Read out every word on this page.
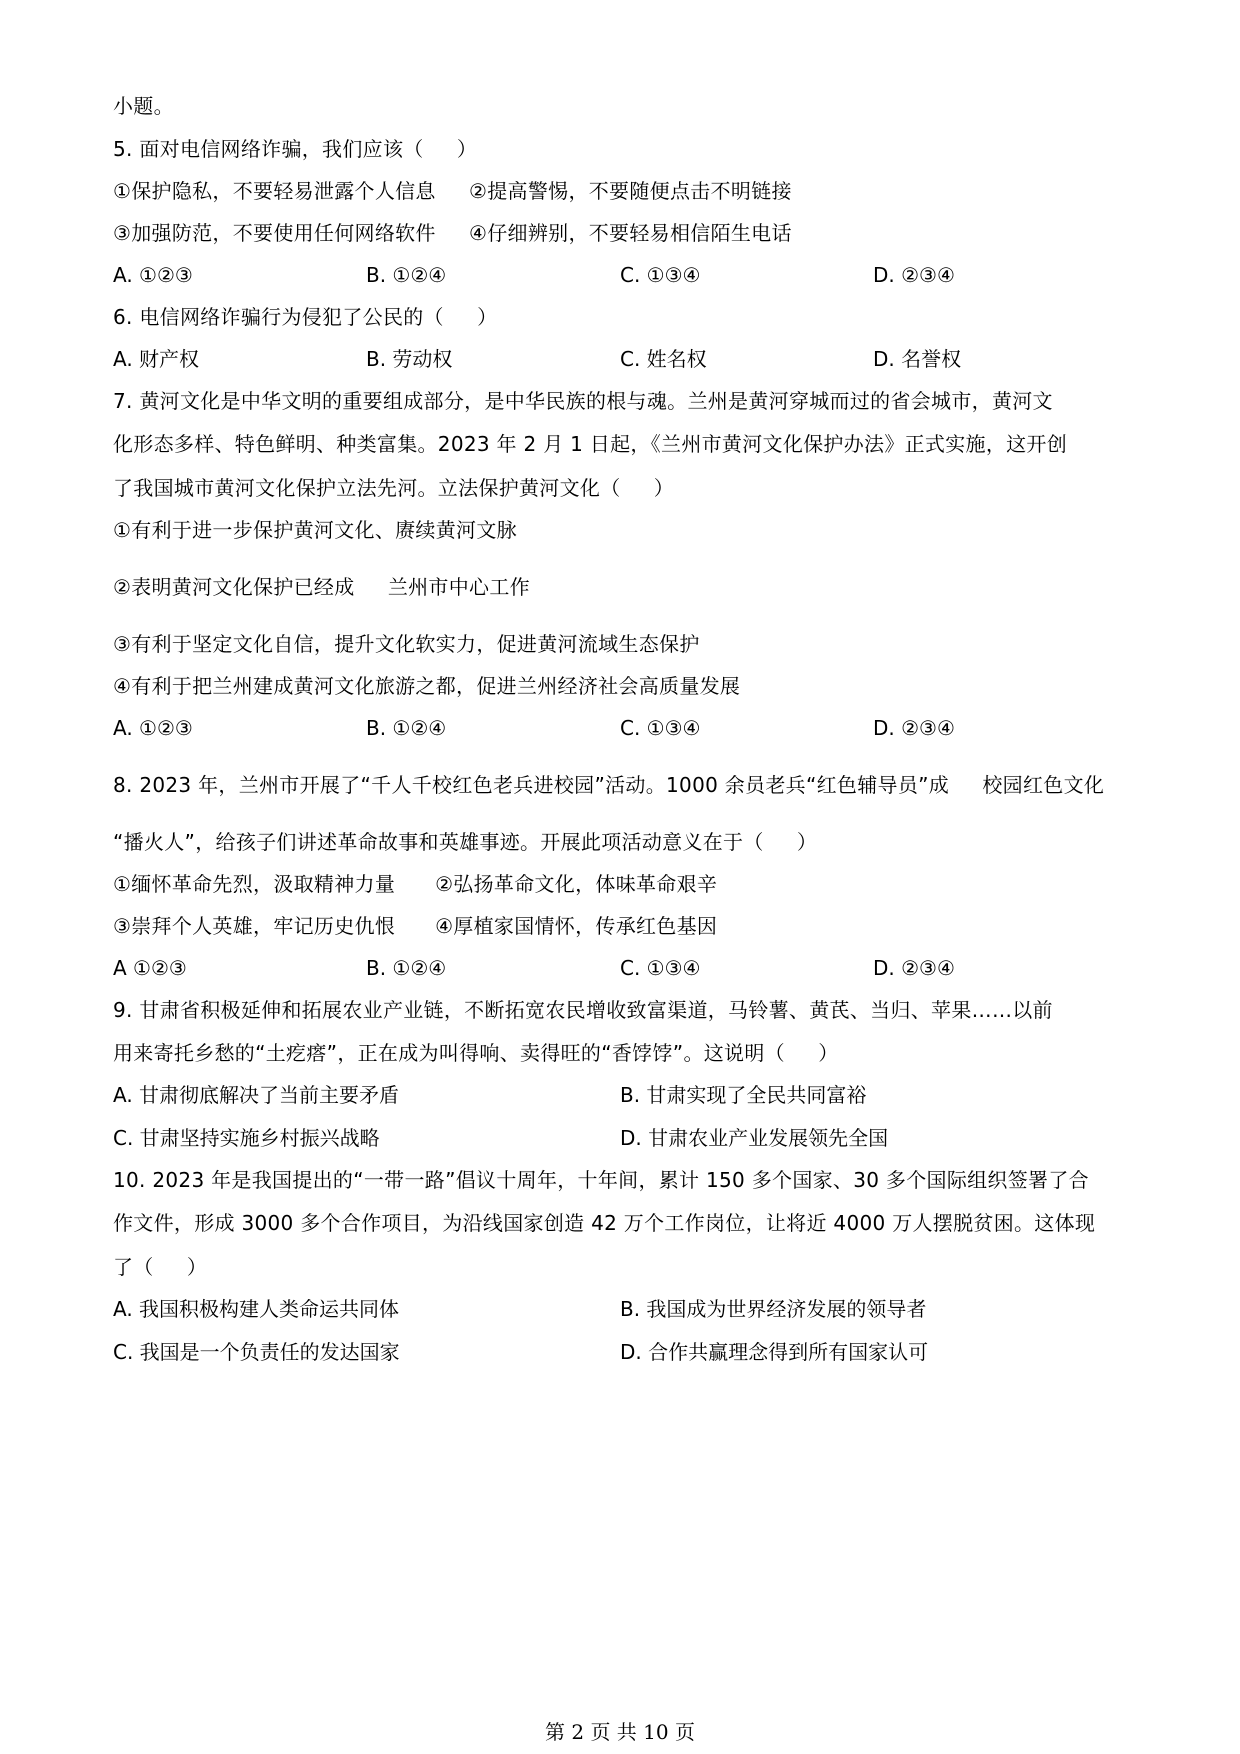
小题。
5. 面对电信网络诈骗，我们应该（     ）
①保护隐私，不要轻易泄露个人信息     ②提高警惕，不要随便点击不明链接
③加强防范，不要使用任何网络软件     ④仔细辨别，不要轻易相信陌生电话

A. ①②③

	B. ①②④

	C. ①③④

	D. ②③④

6. 电信网络诈骗行为侵犯了公民的（     ）

A. 财产权

	B. 劳动权

	C. 姓名权

	D. 名誉权

7. 黄河文化是中华文明的重要组成部分，是中华民族的根与魂。兰州是黄河穿城而过的省会城市，黄河文
化形态多样、特色鲜明、种类富集。2023 年 2 月 1 日起，《兰州市黄河文化保护办法》正式实施，这开创
了我国城市黄河文化保护立法先河。立法保护黄河文化（     ）
①有利于进一步保护黄河文化、赓续黄河文脉
②表明黄河文化保护已经成     兰州市中心工作
③有利于坚定文化自信，提升文化软实力，促进黄河流域生态保护
④有利于把兰州建成黄河文化旅游之都，促进兰州经济社会高质量发展

A. ①②③

	B. ①②④

	C. ①③④

	D. ②③④

8. 2023 年，兰州市开展了“千人千校红色老兵进校园”活动。1000 余员老兵“红色辅导员”成     校园红色文化
“播火人”，给孩子们讲述革命故事和英雄事迹。开展此项活动意义在于（     ）
①缅怀革命先烈，汲取精神力量      ②弘扬革命文化，体味革命艰辛
③崇拜个人英雄，牢记历史仇恨      ④厚植家国情怀，传承红色基因

A ①②③

	B. ①②④

	C. ①③④

	D. ②③④

9. 甘肃省积极延伸和拓展农业产业链，不断拓宽农民增收致富渠道，马铃薯、黄芪、当归、苹果……以前
用来寄托乡愁的“土疙瘩”，正在成为叫得响、卖得旺的“香饽饽”。这说明（     ）

A. 甘肃彻底解决了当前主要矛盾

	B. 甘肃实现了全民共同富裕

C. 甘肃坚持实施乡村振兴战略

	D. 甘肃农业产业发展领先全国

10. 2023 年是我国提出的“一带一路”倡议十周年，十年间，累计 150 多个国家、30 多个国际组织签署了合
作文件，形成 3000 多个合作项目，为沿线国家创造 42 万个工作岗位，让将近 4000 万人摆脱贫困。这体现
了（     ）

A. 我国积极构建人类命运共同体

	B. 我国成为世界经济发展的领导者

C. 我国是一个负责任的发达国家

	D. 合作共赢理念得到所有国家认可

第 2 页 共 10 页
